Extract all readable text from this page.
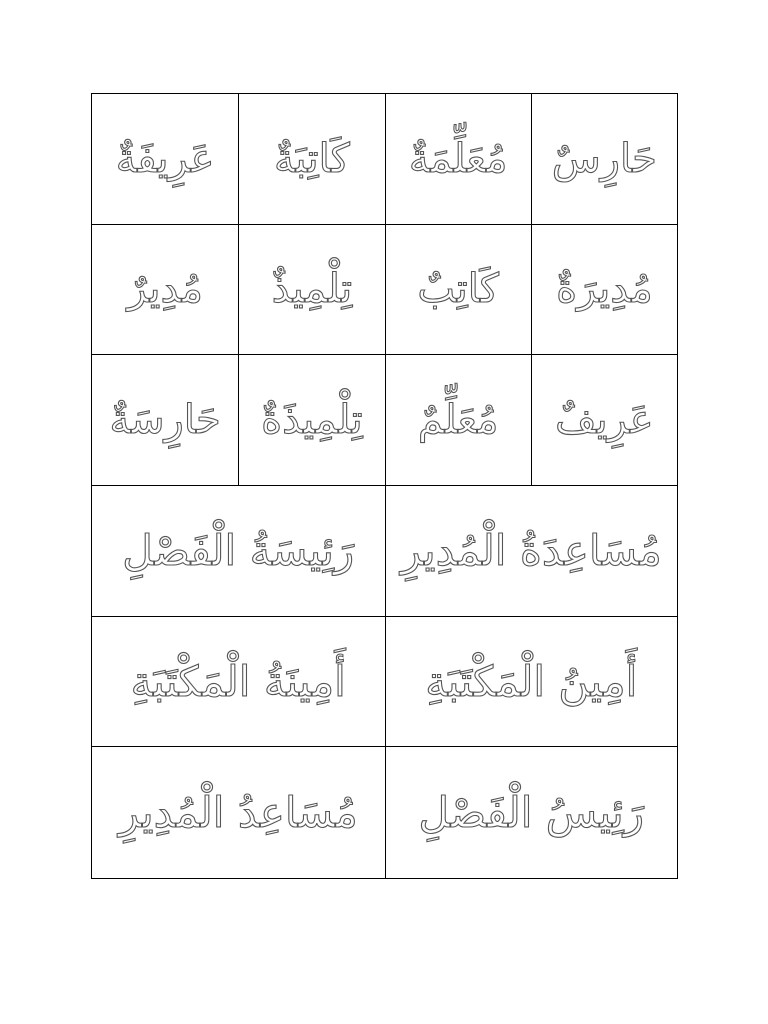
حَارِسٌ
مُعَلِّمَةٌ
كَاتِبَةٌ
عَرِيفَةٌ
مُدِيرَةٌ
كَاتِبٌ
تِلْمِيذٌ
مُدِيرٌ
عَرِيفٌ
مُعَلِّمٌ
تِلْمِيذَةٌ
حَارِسَةٌ
مُسَاعِدَةُ الْمُدِيرِ
رَئِيسَةُ الْفَصْلِ
أَمِينُ الْمَكْتَبَةِ
أَمِينَةُ الْمَكْتَبَةِ
رَئِيسُ الْفَصْلِ
مُسَاعِدُ الْمُدِيرِ
